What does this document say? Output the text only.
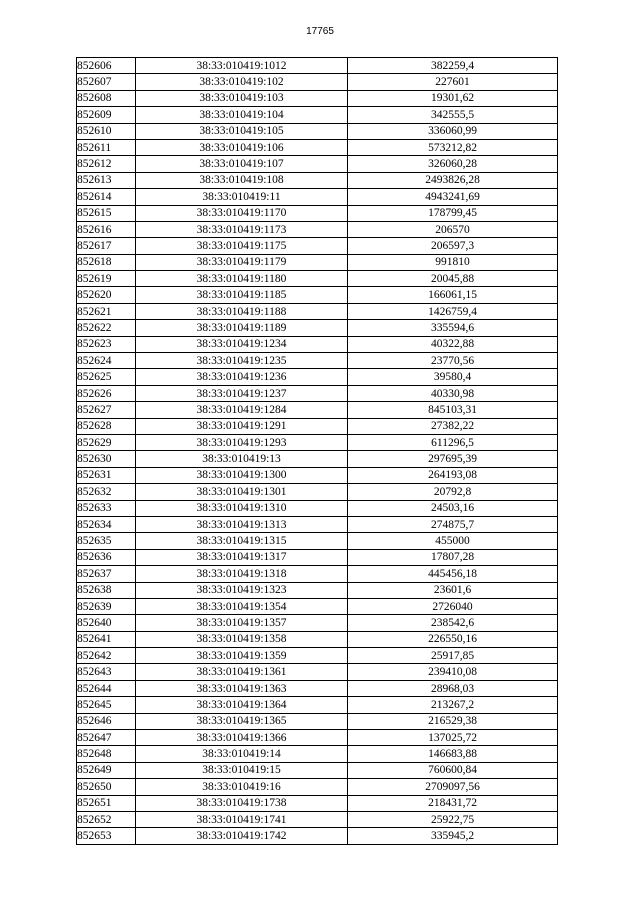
17765
852606	38:33:010419:1012	382259,4
852607	38:33:010419:102	227601
852608	38:33:010419:103	19301,62
852609	38:33:010419:104	342555,5
852610	38:33:010419:105	336060,99
852611	38:33:010419:106	573212,82
852612	38:33:010419:107	326060,28
852613	38:33:010419:108	2493826,28
852614	38:33:010419:11	4943241,69
852615	38:33:010419:1170	178799,45
852616	38:33:010419:1173	206570
852617	38:33:010419:1175	206597,3
852618	38:33:010419:1179	991810
852619	38:33:010419:1180	20045,88
852620	38:33:010419:1185	166061,15
852621	38:33:010419:1188	1426759,4
852622	38:33:010419:1189	335594,6
852623	38:33:010419:1234	40322,88
852624	38:33:010419:1235	23770,56
852625	38:33:010419:1236	39580,4
852626	38:33:010419:1237	40330,98
852627	38:33:010419:1284	845103,31
852628	38:33:010419:1291	27382,22
852629	38:33:010419:1293	611296,5
852630	38:33:010419:13	297695,39
852631	38:33:010419:1300	264193,08
852632	38:33:010419:1301	20792,8
852633	38:33:010419:1310	24503,16
852634	38:33:010419:1313	274875,7
852635	38:33:010419:1315	455000
852636	38:33:010419:1317	17807,28
852637	38:33:010419:1318	445456,18
852638	38:33:010419:1323	23601,6
852639	38:33:010419:1354	2726040
852640	38:33:010419:1357	238542,6
852641	38:33:010419:1358	226550,16
852642	38:33:010419:1359	25917,85
852643	38:33:010419:1361	239410,08
852644	38:33:010419:1363	28968,03
852645	38:33:010419:1364	213267,2
852646	38:33:010419:1365	216529,38
852647	38:33:010419:1366	137025,72
852648	38:33:010419:14	146683,88
852649	38:33:010419:15	760600,84
852650	38:33:010419:16	2709097,56
852651	38:33:010419:1738	218431,72
852652	38:33:010419:1741	25922,75
852653	38:33:010419:1742	335945,2
